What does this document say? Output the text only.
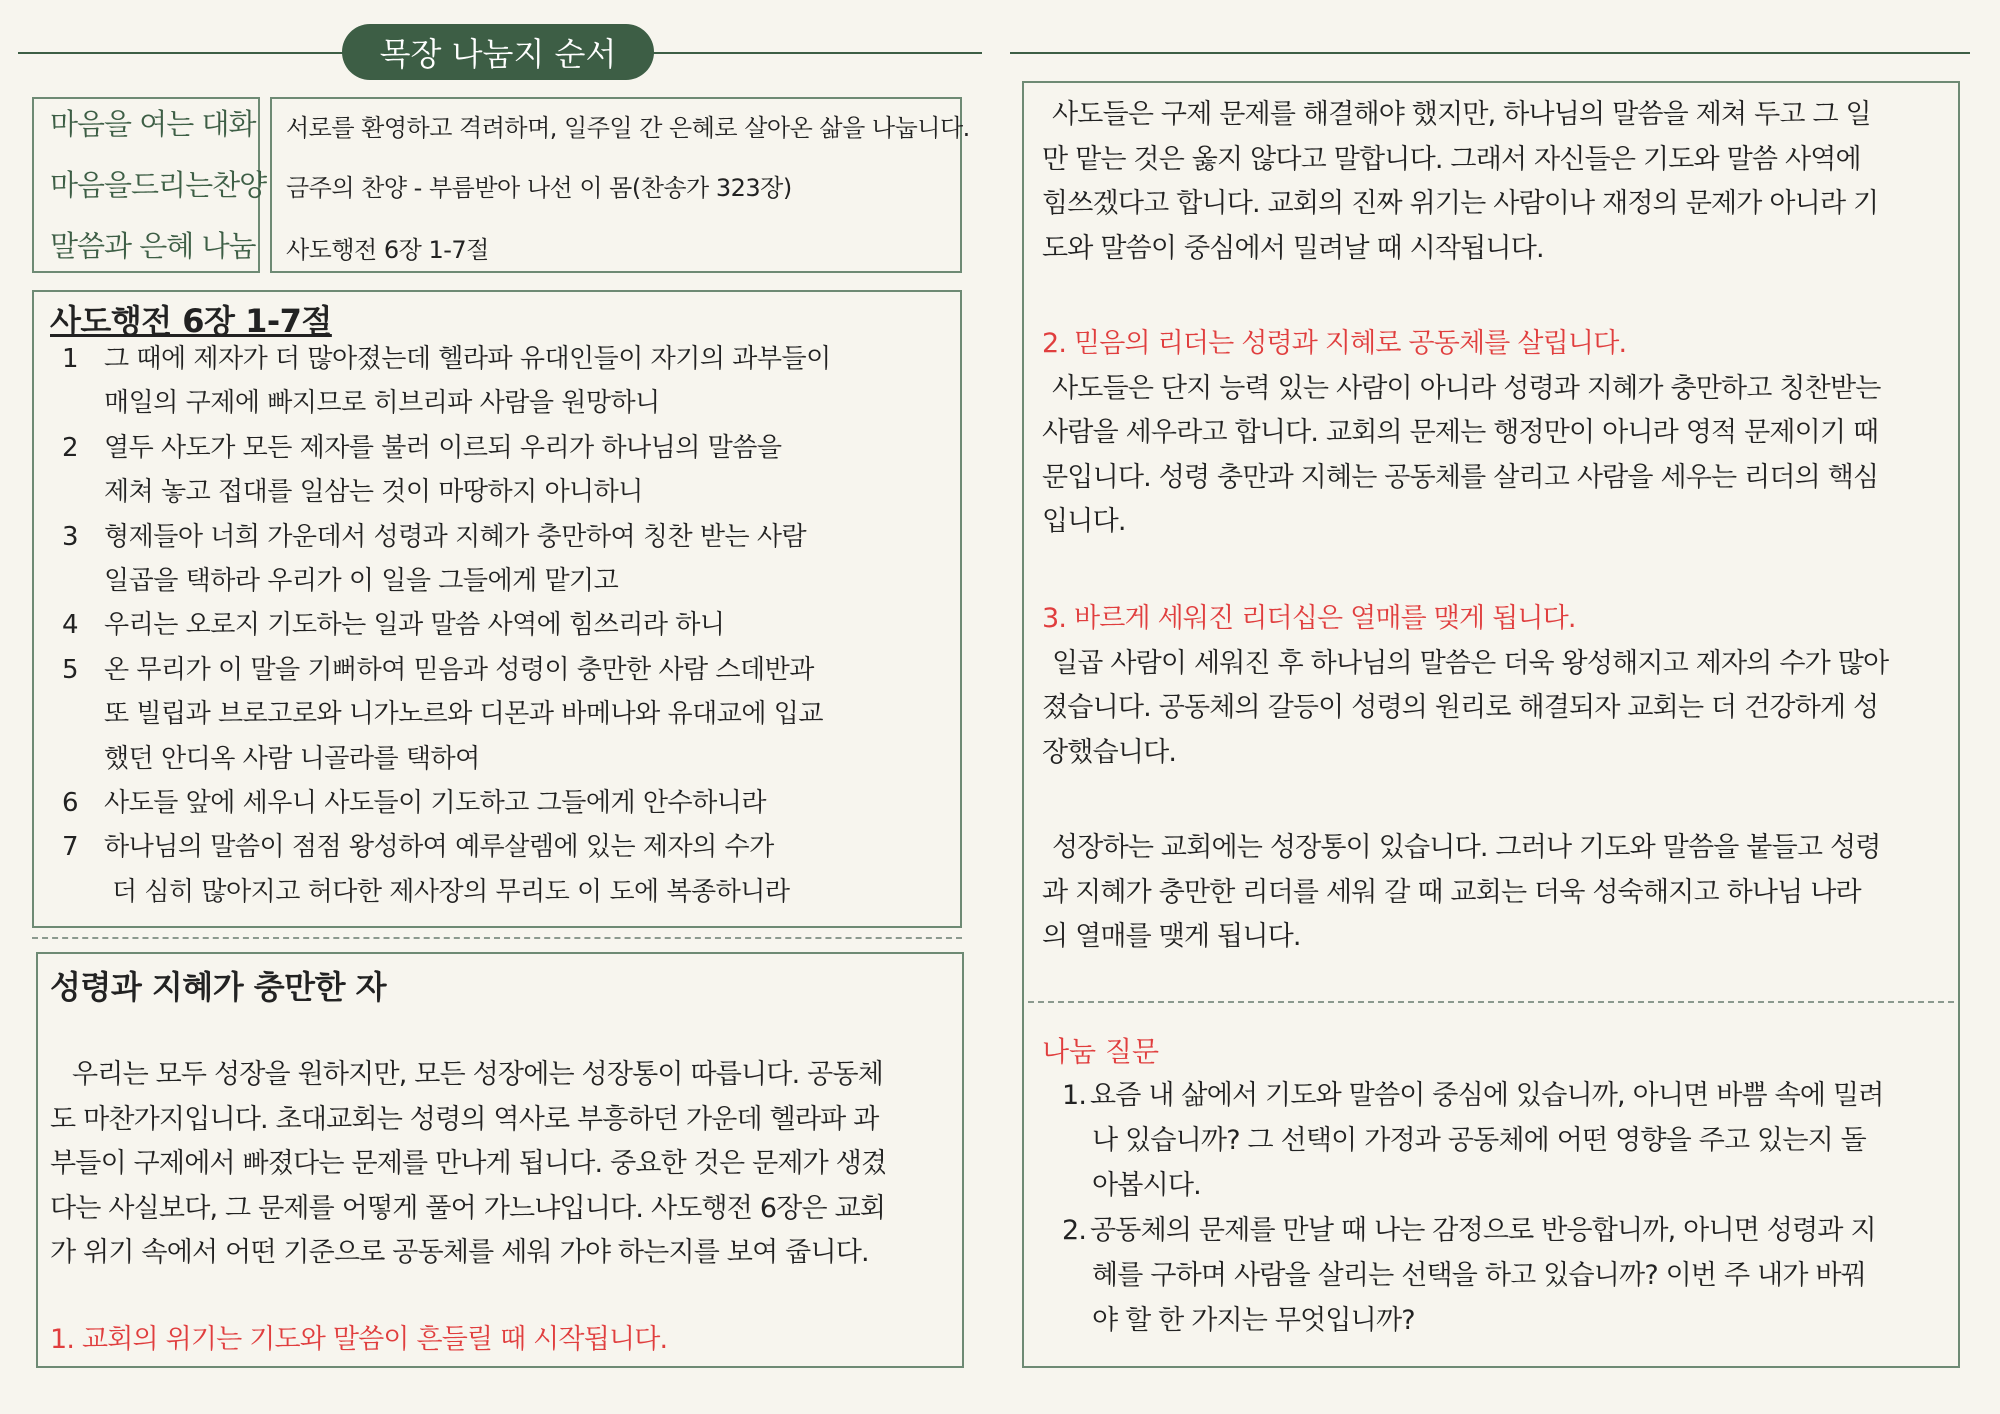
목장 나눔지 순서
마음을 여는 대화
마음을드리는찬양
말씀과 은혜 나눔
서로를 환영하고 격려하며, 일주일 간 은혜로 살아온 삶을 나눕니다.
금주의 찬양 - 부름받아 나선 이 몸(찬송가 323장)
사도행전 6장 1-7절
사도행전 6장 1-7절
1 그 때에 제자가 더 많아졌는데 헬라파 유대인들이 자기의 과부들이
매일의 구제에 빠지므로 히브리파 사람을 원망하니
2 열두 사도가 모든 제자를 불러 이르되 우리가 하나님의 말씀을
제쳐 놓고 접대를 일삼는 것이 마땅하지 아니하니
3 형제들아 너희 가운데서 성령과 지혜가 충만하여 칭찬 받는 사람
일곱을 택하라 우리가 이 일을 그들에게 맡기고
4 우리는 오로지 기도하는 일과 말씀 사역에 힘쓰리라 하니
5 온 무리가 이 말을 기뻐하여 믿음과 성령이 충만한 사람 스데반과
또 빌립과 브로고로와 니가노르와 디몬과 바메나와 유대교에 입교
했던 안디옥 사람 니골라를 택하여
6 사도들 앞에 세우니 사도들이 기도하고 그들에게 안수하니라
7 하나님의 말씀이 점점 왕성하여 예루살렘에 있는 제자의 수가
더 심히 많아지고 허다한 제사장의 무리도 이 도에 복종하니라
성령과 지혜가 충만한 자
우리는 모두 성장을 원하지만, 모든 성장에는 성장통이 따릅니다. 공동체
도 마찬가지입니다. 초대교회는 성령의 역사로 부흥하던 가운데 헬라파 과
부들이 구제에서 빠졌다는 문제를 만나게 됩니다. 중요한 것은 문제가 생겼
다는 사실보다, 그 문제를 어떻게 풀어 가느냐입니다. 사도행전 6장은 교회
가 위기 속에서 어떤 기준으로 공동체를 세워 가야 하는지를 보여 줍니다.
1. 교회의 위기는 기도와 말씀이 흔들릴 때 시작됩니다.
사도들은 구제 문제를 해결해야 했지만, 하나님의 말씀을 제쳐 두고 그 일
만 맡는 것은 옳지 않다고 말합니다. 그래서 자신들은 기도와 말씀 사역에
힘쓰겠다고 합니다. 교회의 진짜 위기는 사람이나 재정의 문제가 아니라 기
도와 말씀이 중심에서 밀려날 때 시작됩니다.
2. 믿음의 리더는 성령과 지혜로 공동체를 살립니다.
사도들은 단지 능력 있는 사람이 아니라 성령과 지혜가 충만하고 칭찬받는
사람을 세우라고 합니다. 교회의 문제는 행정만이 아니라 영적 문제이기 때
문입니다. 성령 충만과 지혜는 공동체를 살리고 사람을 세우는 리더의 핵심
입니다.
3. 바르게 세워진 리더십은 열매를 맺게 됩니다.
일곱 사람이 세워진 후 하나님의 말씀은 더욱 왕성해지고 제자의 수가 많아
졌습니다. 공동체의 갈등이 성령의 원리로 해결되자 교회는 더 건강하게 성
장했습니다.
성장하는 교회에는 성장통이 있습니다. 그러나 기도와 말씀을 붙들고 성령
과 지혜가 충만한 리더를 세워 갈 때 교회는 더욱 성숙해지고 하나님 나라
의 열매를 맺게 됩니다.
나눔 질문
1. 요즘 내 삶에서 기도와 말씀이 중심에 있습니까, 아니면 바쁨 속에 밀려
나 있습니까? 그 선택이 가정과 공동체에 어떤 영향을 주고 있는지 돌
아봅시다.
2. 공동체의 문제를 만날 때 나는 감정으로 반응합니까, 아니면 성령과 지
혜를 구하며 사람을 살리는 선택을 하고 있습니까? 이번 주 내가 바꿔
야 할 한 가지는 무엇입니까?
